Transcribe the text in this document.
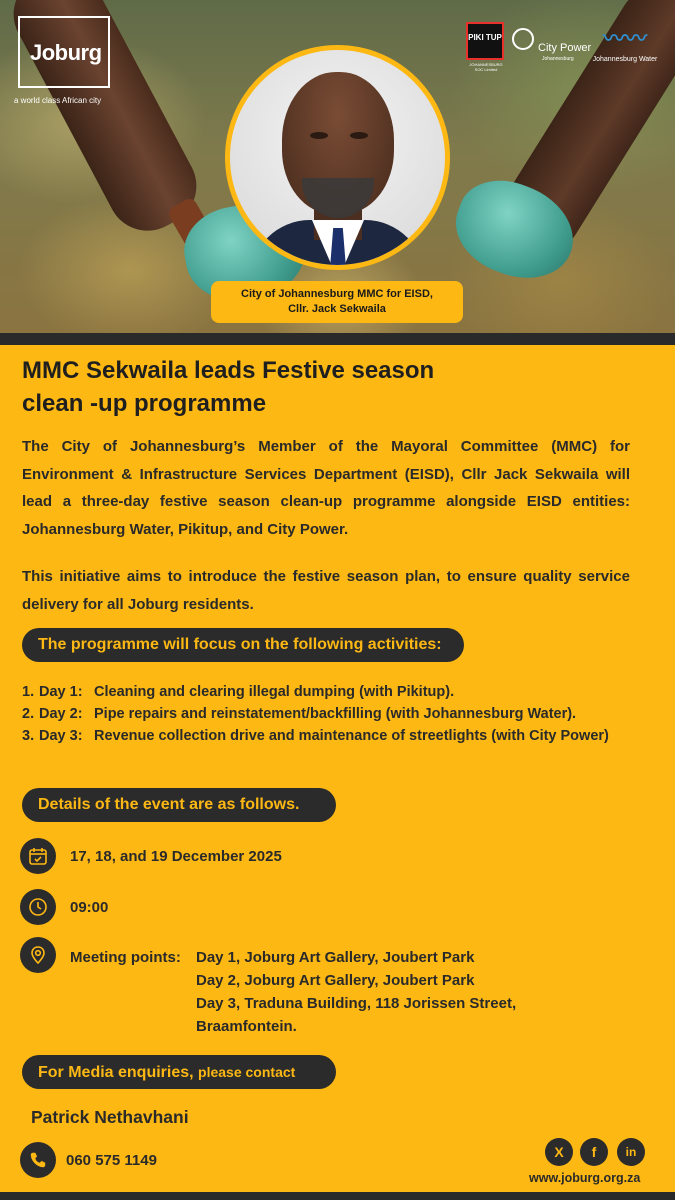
Joburg
a world class African city
PIKI TUP
JOHANNESBURG SOC Limited
City Power
Johannesburg
〰〰
Johannesburg Water
City of Johannesburg MMC for EISD,
Cllr. Jack Sekwaila
MMC Sekwaila leads Festive season
clean -up programme

The City of Johannesburg’s Member of the Mayoral Committee (MMC) for Environment & Infrastructure Services Department (EISD), Cllr Jack Sekwaila will lead a three-day festive season clean-up programme alongside EISD entities: Johannesburg Water, Pikitup, and City Power.

This initiative aims to introduce the festive season plan, to ensure quality service delivery for all Joburg residents.

The programme will focus on the following activities:
1. Day 1: Cleaning and clearing illegal dumping (with Pikitup).
2. Day 2: Pipe repairs and reinstatement/backfilling (with Johannesburg Water).
3. Day 3: Revenue collection drive and maintenance of streetlights (with City Power)
Details of the event are as follows.
17, 18, and 19 December 2025
09:00
Meeting points:	Day 1, Joburg Art Gallery, Joubert Park
Day 2, Joburg Art Gallery, Joubert Park
Day 3, Traduna Building, 118 Jorissen Street,
Braamfontein.
For Media enquiries, please contact
Patrick Nethavhani
060 575 1149	X	f	in
www.joburg.org.za
